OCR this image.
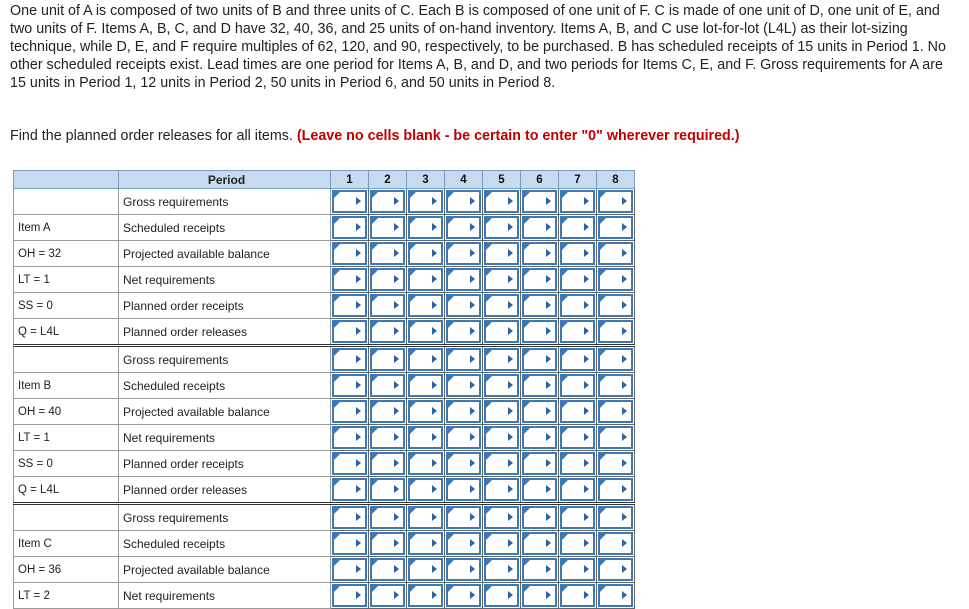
One unit of A is composed of two units of B and three units of C. Each B is composed of one unit of F. C is made of one unit of D, one unit of E, and two units of F. Items A, B, C, and D have 32, 40, 36, and 25 units of on-hand inventory. Items A, B, and C use lot-for-lot (L4L) as their lot-sizing technique, while D, E, and F require multiples of 62, 120, and 90, respectively, to be purchased. B has scheduled receipts of 15 units in Period 1. No other scheduled receipts exist. Lead times are one period for Items A, B, and D, and two periods for Items C, E, and F. Gross requirements for A are 15 units in Period 1, 12 units in Period 2, 50 units in Period 6, and 50 units in Period 8.

Find the planned order releases for all items. (Leave no cells blank - be certain to enter "0" wherever required.)

	Period	1	2	3	4	5	6	7	8
	Gross requirements	

Item A	Scheduled receipts	

OH = 32	Projected available balance	

LT = 1	Net requirements	

SS = 0	Planned order receipts	

Q = L4L	Planned order releases	

	Gross requirements	

Item B	Scheduled receipts	

OH = 40	Projected available balance	

LT = 1	Net requirements	

SS = 0	Planned order receipts	

Q = L4L	Planned order releases	

	Gross requirements	

Item C	Scheduled receipts	

OH = 36	Projected available balance	

LT = 2	Net requirements	
